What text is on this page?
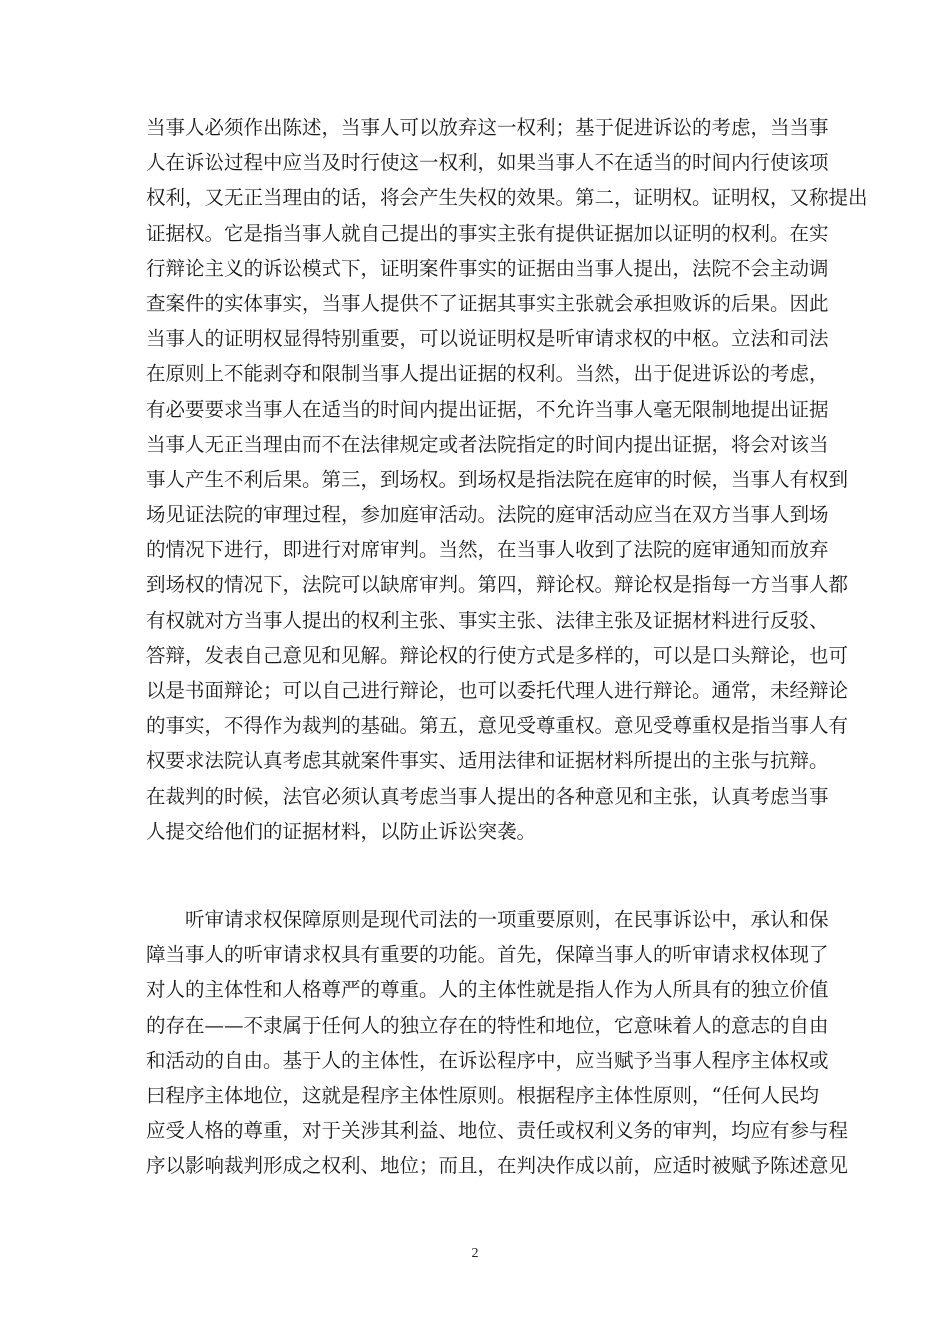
当事人必须作出陈述，当事人可以放弃这一权利；基于促进诉讼的考虑，当当事
人在诉讼过程中应当及时行使这一权利，如果当事人不在适当的时间内行使该项
权利，又无正当理由的话，将会产生失权的效果。第二，证明权。证明权，又称提出
证据权。它是指当事人就自己提出的事实主张有提供证据加以证明的权利。在实
行辩论主义的诉讼模式下，证明案件事实的证据由当事人提出，法院不会主动调
查案件的实体事实，当事人提供不了证据其事实主张就会承担败诉的后果。因此
当事人的证明权显得特别重要，可以说证明权是听审请求权的中枢。立法和司法
在原则上不能剥夺和限制当事人提出证据的权利。当然，出于促进诉讼的考虑，
有必要要求当事人在适当的时间内提出证据，不允许当事人毫无限制地提出证据
当事人无正当理由而不在法律规定或者法院指定的时间内提出证据，将会对该当
事人产生不利后果。第三，到场权。到场权是指法院在庭审的时候，当事人有权到
场见证法院的审理过程，参加庭审活动。法院的庭审活动应当在双方当事人到场
的情况下进行，即进行对席审判。当然，在当事人收到了法院的庭审通知而放弃
到场权的情况下，法院可以缺席审判。第四，辩论权。辩论权是指每一方当事人都
有权就对方当事人提出的权利主张、事实主张、法律主张及证据材料进行反驳、
答辩，发表自己意见和见解。辩论权的行使方式是多样的，可以是口头辩论，也可
以是书面辩论；可以自己进行辩论，也可以委托代理人进行辩论。通常，未经辩论
的事实，不得作为裁判的基础。第五，意见受尊重权。意见受尊重权是指当事人有
权要求法院认真考虑其就案件事实、适用法律和证据材料所提出的主张与抗辩。
在裁判的时候，法官必须认真考虑当事人提出的各种意见和主张，认真考虑当事
人提交给他们的证据材料，以防止诉讼突袭。
　　听审请求权保障原则是现代司法的一项重要原则，在民事诉讼中，承认和保
障当事人的听审请求权具有重要的功能。首先，保障当事人的听审请求权体现了
对人的主体性和人格尊严的尊重。人的主体性就是指人作为人所具有的独立价值
的存在——不隶属于任何人的独立存在的特性和地位，它意味着人的意志的自由
和活动的自由。基于人的主体性，在诉讼程序中，应当赋予当事人程序主体权或
曰程序主体地位，这就是程序主体性原则。根据程序主体性原则，“任何人民均
应受人格的尊重，对于关涉其利益、地位、责任或权利义务的审判，均应有参与程
序以影响裁判形成之权利、地位；而且，在判决作成以前，应适时被赋予陈述意见
2
